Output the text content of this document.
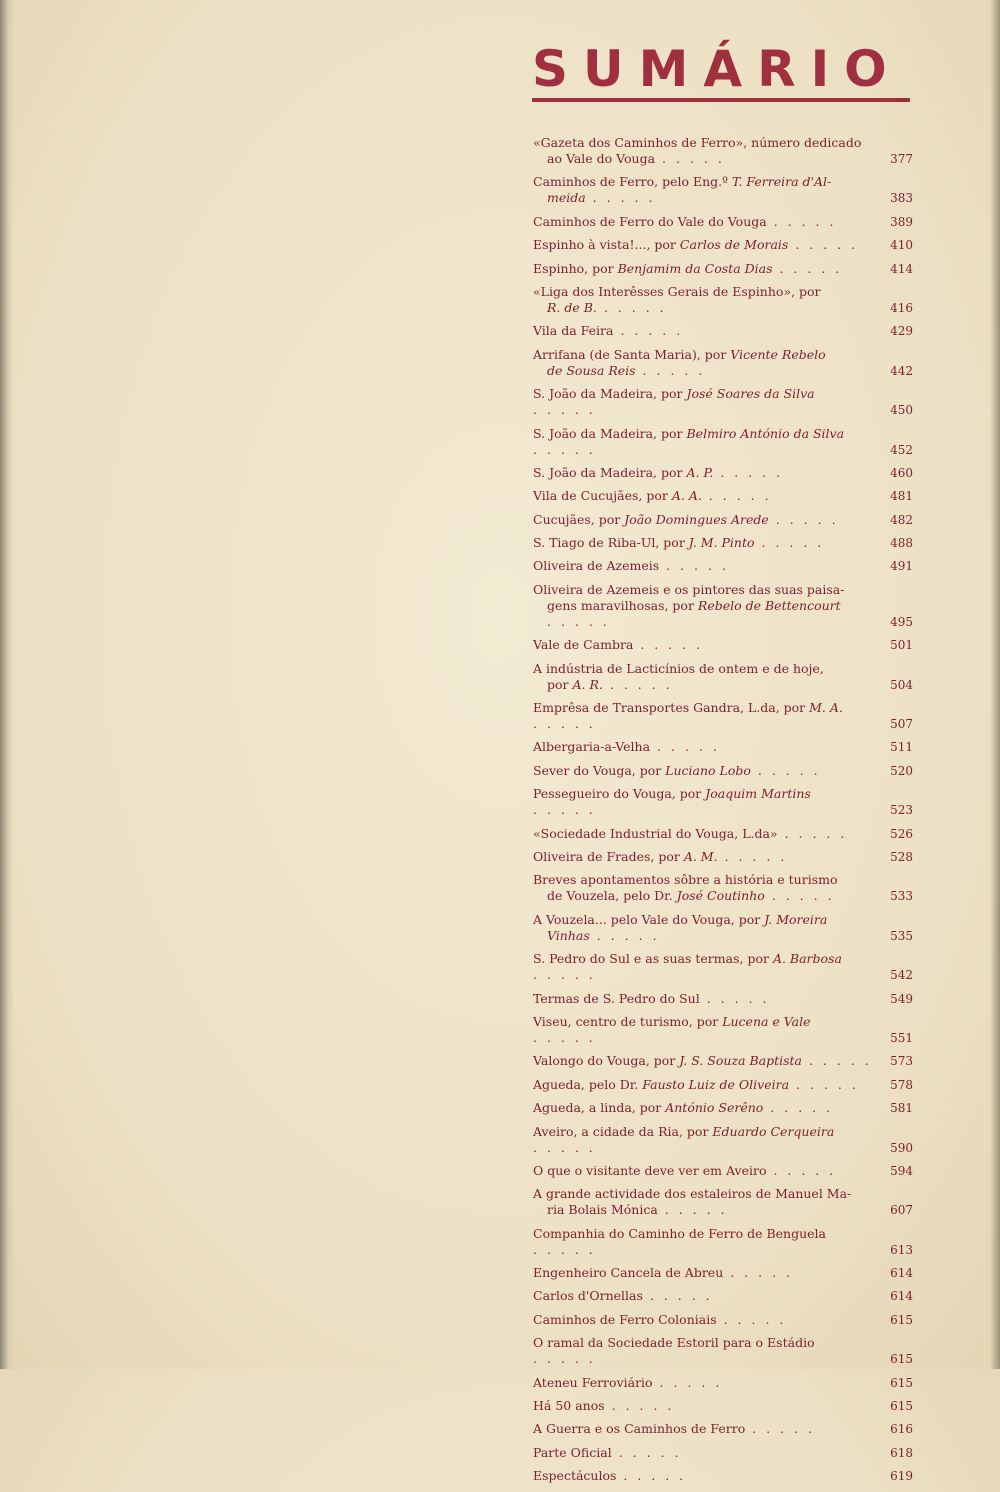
SUMÁRIO
«Gazeta dos Caminhos de Ferro», número dedicado
ao Vale do Vouga . . . . .	377
Caminhos de Ferro, pelo Eng.º T. Ferreira d'Al-
meida . . . . .	383
Caminhos de Ferro do Vale do Vouga . . . . .	389
Espinho à vista!..., por Carlos de Morais . . . . .	410
Espinho, por Benjamim da Costa Dias . . . . .	414
«Liga dos Interêsses Gerais de Espinho», por
R. de B. . . . . .	416
Vila da Feira . . . . .	429
Arrifana (de Santa Maria), por Vicente Rebelo
de Sousa Reis . . . . .	442
S. João da Madeira, por José Soares da Silva . . . . .	450
S. João da Madeira, por Belmiro António da Silva . . . . .	452
S. João da Madeira, por A. P. . . . . .	460
Vila de Cucujães, por A. A. . . . . .	481
Cucujães, por João Domingues Arede . . . . .	482
S. Tiago de Riba-Ul, por J. M. Pinto . . . . .	488
Oliveira de Azemeis . . . . .	491
Oliveira de Azemeis e os pintores das suas paisa-
gens maravilhosas, por Rebelo de Bettencourt . . . . .	495
Vale de Cambra . . . . .	501
A indústria de Lacticínios de ontem e de hoje,
por A. R. . . . . .	504
Emprêsa de Transportes Gandra, L.da, por M. A. . . . . .	507
Albergaria-a-Velha . . . . .	511
Sever do Vouga, por Luciano Lobo . . . . .	520
Pessegueiro do Vouga, por Joaquim Martins . . . . .	523
«Sociedade Industrial do Vouga, L.da» . . . . .	526
Oliveira de Frades, por A. M. . . . . .	528
Breves apontamentos sôbre a história e turismo
de Vouzela, pelo Dr. José Coutinho . . . . .	533
A Vouzela... pelo Vale do Vouga, por J. Moreira
Vinhas . . . . .	535
S. Pedro do Sul e as suas termas, por A. Barbosa . . . . .	542
Termas de S. Pedro do Sul . . . . .	549
Viseu, centro de turismo, por Lucena e Vale . . . . .	551
Valongo do Vouga, por J. S. Souza Baptista . . . . . 573
Agueda, pelo Dr. Fausto Luiz de Oliveira . . . . .	578
Agueda, a linda, por António Serêno . . . . .	581
Aveiro, a cidade da Ria, por Eduardo Cerqueira . . . . .	590
O que o visitante deve ver em Aveiro . . . . .	594
A grande actividade dos estaleiros de Manuel Ma-
ria Bolais Mónica . . . . .	607
Companhia do Caminho de Ferro de Benguela . . . . .	613
Engenheiro Cancela de Abreu . . . . .	614
Carlos d'Ornellas . . . . .	614
Caminhos de Ferro Coloniais . . . . .	615
O ramal da Sociedade Estoril para o Estádio . . . . .	615
Ateneu Ferroviário . . . . .	615
Há 50 anos . . . . .	615
A Guerra e os Caminhos de Ferro . . . . .	616
Parte Oficial . . . . .	618
Espectáculos . . . . .	619
